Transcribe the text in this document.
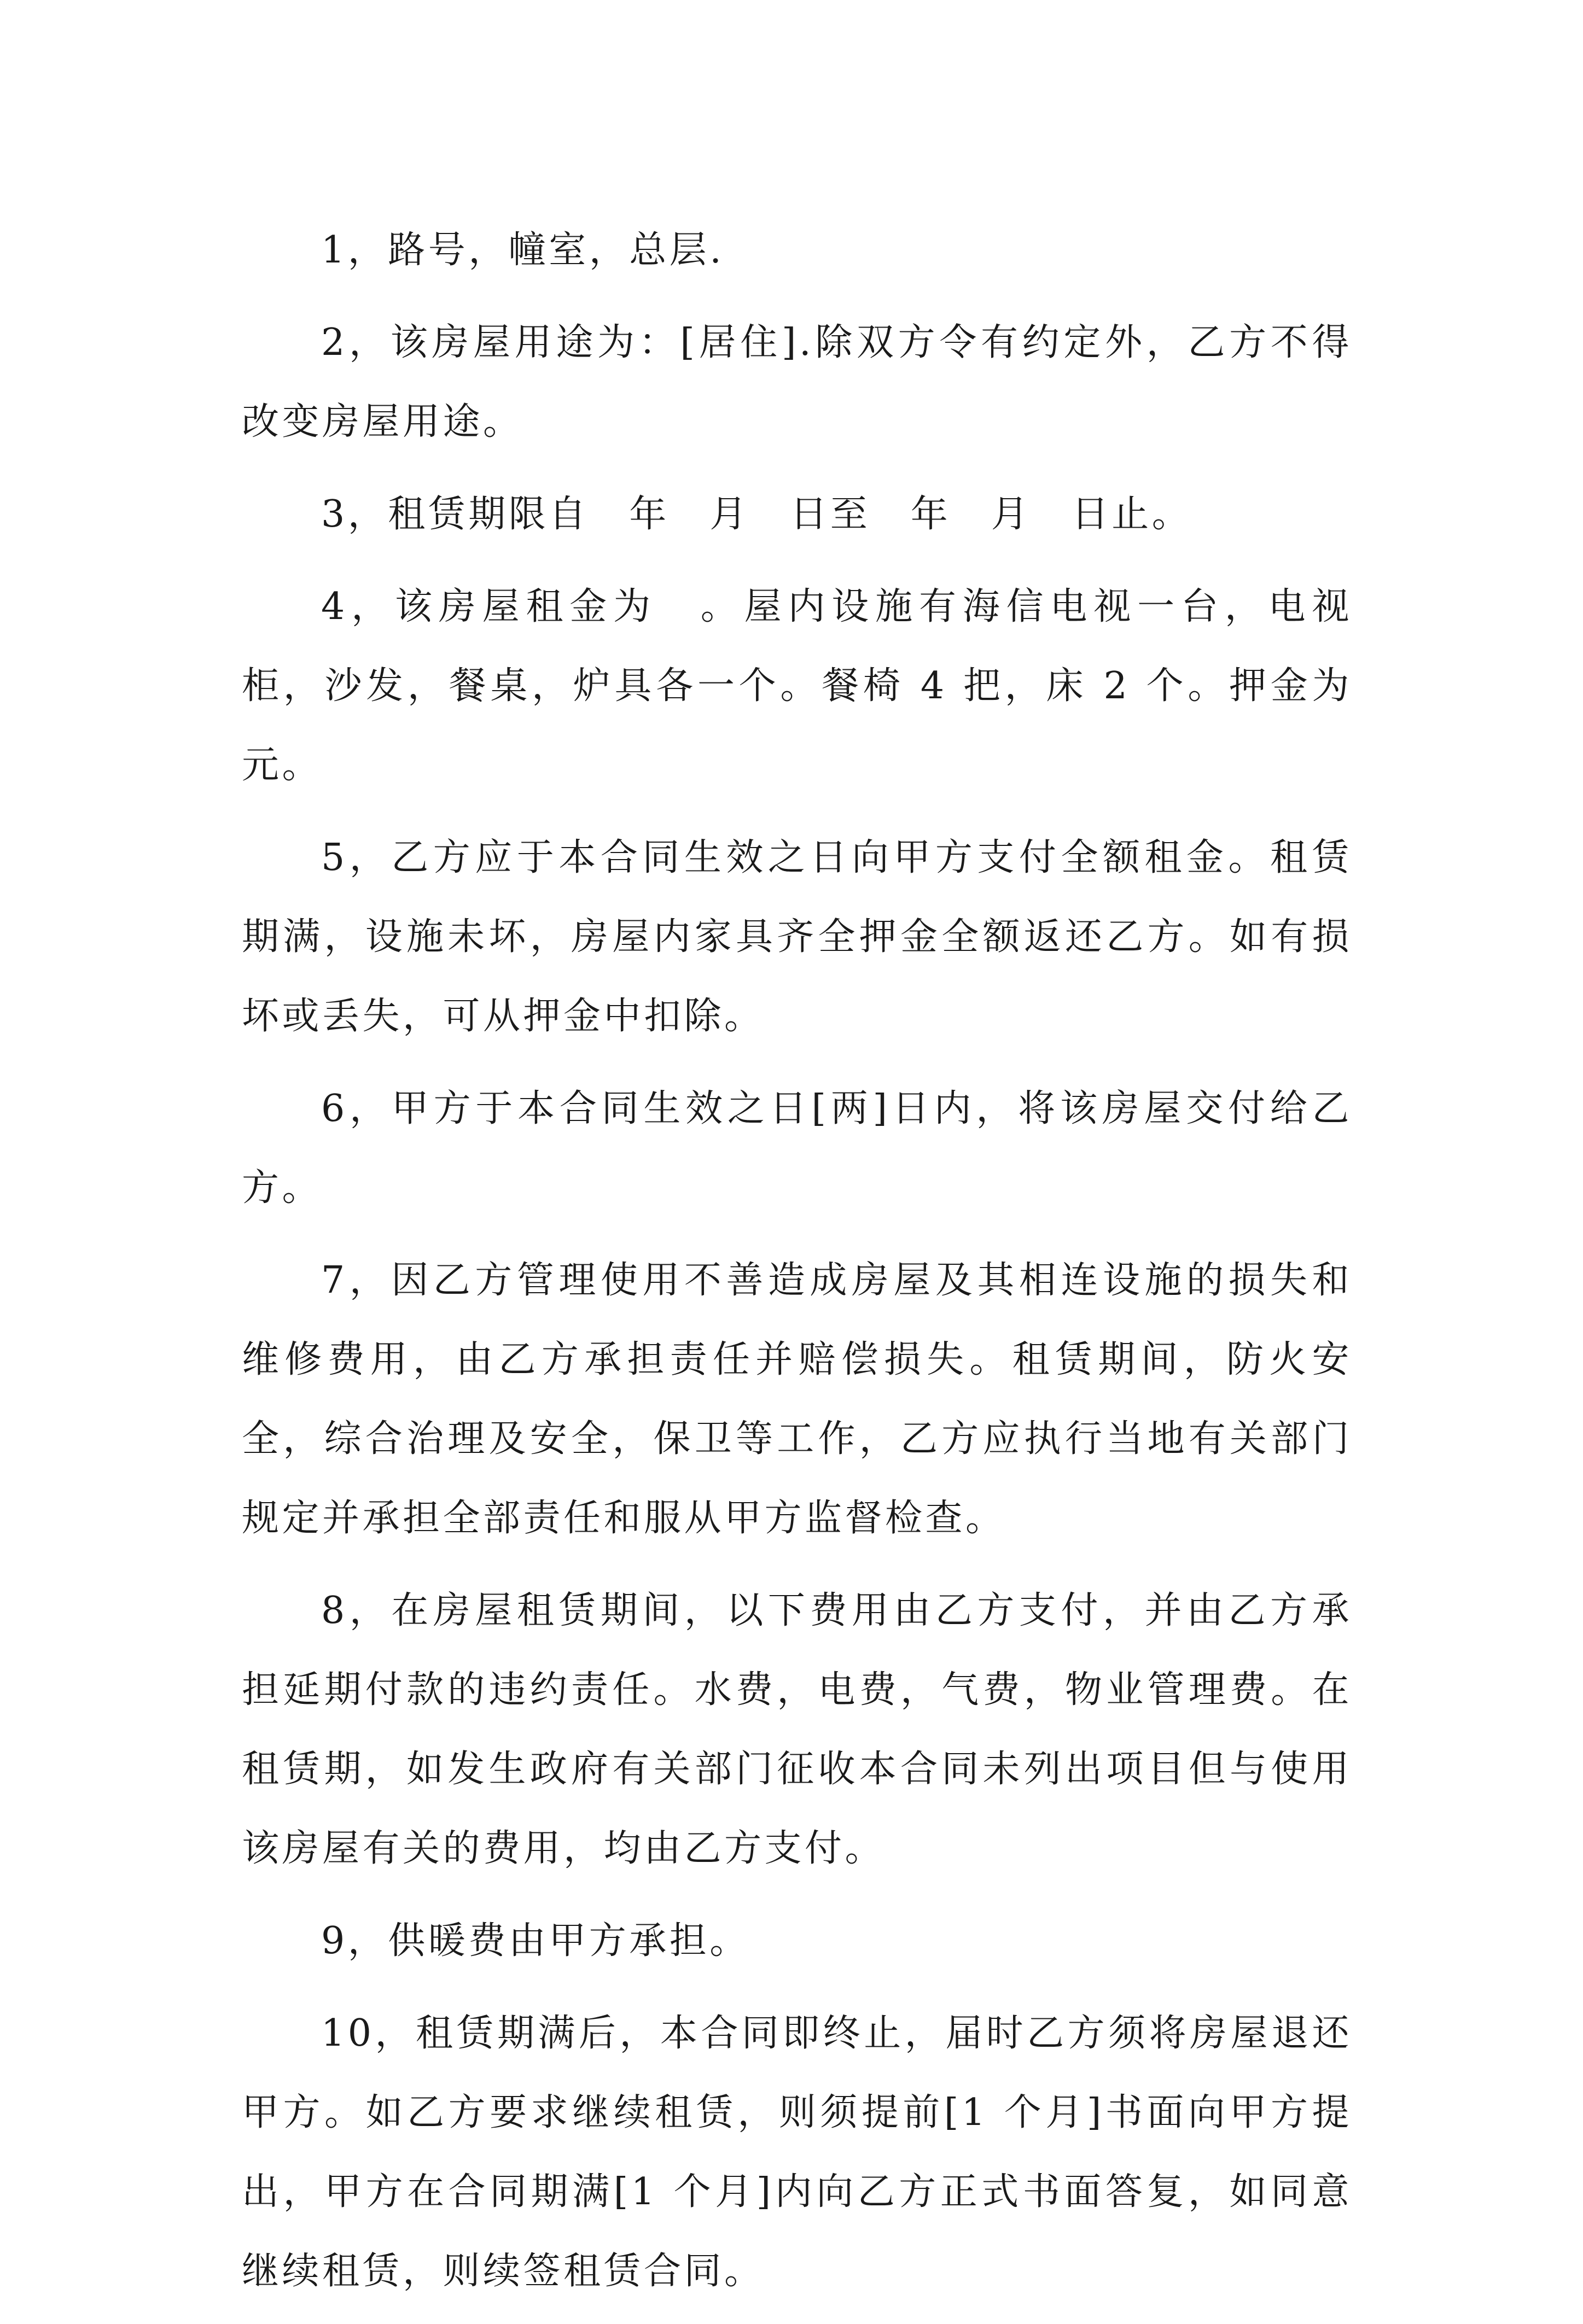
1，路号，幢室，总层.

2，该房屋用途为：[居住].除双方令有约定外，乙方不得改变房屋用途。

3，租赁期限自　年　月　日至　年　月　日止。

4，该房屋租金为　。屋内设施有海信电视一台，电视柜，沙发，餐桌，炉具各一个。餐椅 4 把，床 2 个。押金为　元。

5，乙方应于本合同生效之日向甲方支付全额租金。租赁期满，设施未坏，房屋内家具齐全押金全额返还乙方。如有损坏或丢失，可从押金中扣除。

6，甲方于本合同生效之日[两]日内，将该房屋交付给乙方。

7，因乙方管理使用不善造成房屋及其相连设施的损失和维修费用，由乙方承担责任并赔偿损失。租赁期间，防火安全，综合治理及安全，保卫等工作，乙方应执行当地有关部门规定并承担全部责任和服从甲方监督检查。

8，在房屋租赁期间，以下费用由乙方支付，并由乙方承担延期付款的违约责任。水费，电费，气费，物业管理费。在租赁期，如发生政府有关部门征收本合同未列出项目但与使用该房屋有关的费用，均由乙方支付。

9，供暖费由甲方承担。

10，租赁期满后，本合同即终止，届时乙方须将房屋退还甲方。如乙方要求继续租赁，则须提前[1 个月]书面向甲方提出，甲方在合同期满[1 个月]内向乙方正式书面答复，如同意继续租赁，则续签租赁合同。
